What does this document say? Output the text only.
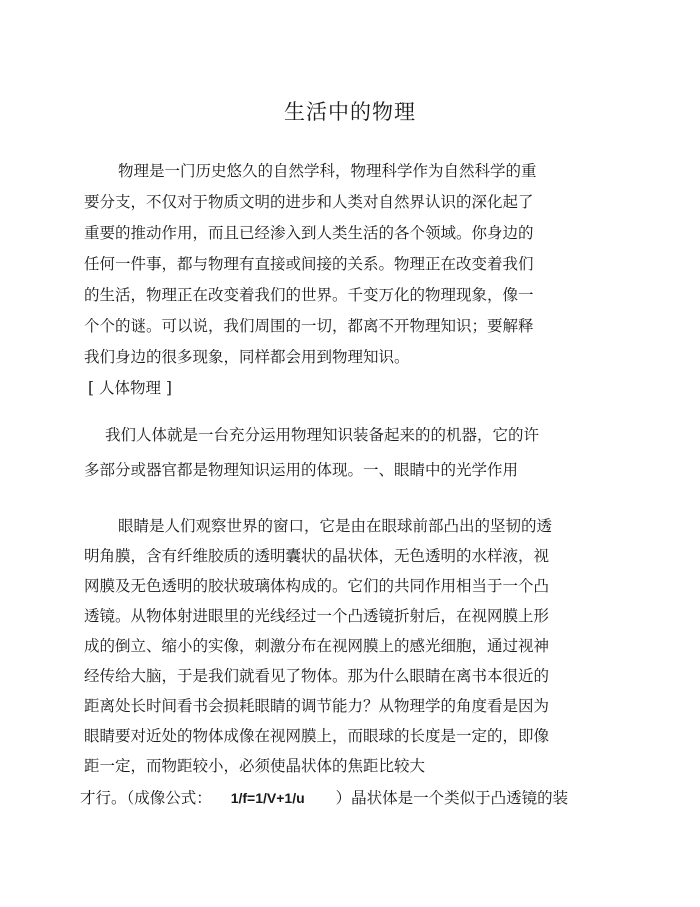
生活中的物理
物理是一门历史悠久的自然学科，物理科学作为自然科学的重
要分支，不仅对于物质文明的进步和人类对自然界认识的深化起了
重要的推动作用，而且已经渗入到人类生活的各个领域。你身边的
任何一件事，都与物理有直接或间接的关系。物理正在改变着我们
的生活，物理正在改变着我们的世界。千变万化的物理现象，像一
个个的谜。可以说，我们周围的一切，都离不开物理知识；要解释
我们身边的很多现象，同样都会用到物理知识。
[ 人体物理 ]
我们人体就是一台充分运用物理知识装备起来的的机器，它的许
多部分或器官都是物理知识运用的体现。一、眼睛中的光学作用
眼睛是人们观察世界的窗口，它是由在眼球前部凸出的坚韧的透
明角膜，含有纤维胶质的透明囊状的晶状体，无色透明的水样液，视
网膜及无色透明的胶状玻璃体构成的。它们的共同作用相当于一个凸
透镜。从物体射进眼里的光线经过一个凸透镜折射后，在视网膜上形
成的倒立、缩小的实像，刺激分布在视网膜上的感光细胞，通过视神
经传给大脑，于是我们就看见了物体。那为什么眼睛在离书本很近的
距离处长时间看书会损耗眼睛的调节能力？从物理学的角度看是因为
眼睛要对近处的物体成像在视网膜上，而眼球的长度是一定的，即像
距一定，而物距较小，必须使晶状体的焦距比较大
才行。（成像公式： 1/f=1/V+1/u ）晶状体是一个类似于凸透镜的装
